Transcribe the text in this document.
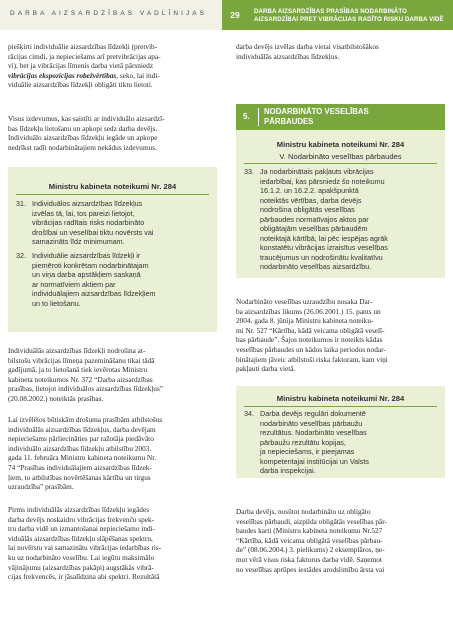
DARBA AIZSARDZĪBAS VADLĪNIJAS	29	DARBA AIZSARDZĪBAS PRASĪBAS NODARBINĀTO
AIZSARDZĪBAI PRET VIBRĀCIJAS RADĪTO RISKU DARBA VIDĒ
piešķirti individuālie aizsardzības līdzekļi (pretvib-
rācijas cimdi, ja nepieciešams arī pretvibrācijas apa-
vi), bet ja vibrācijas līmenis darba vietā pārsniedz
vibrācijas ekspozīcijas robežvērtības, seko, lai indi-
viduālie aizsardzības līdzekļi obligāti tiktu lietoti.
Visus izdevumus, kas saistīti ar individuālo aizsardzī-
bas līdzekļu lietošanu un apkopi sedz darba devējs.
Individuālo aizsardzības līdzekļu iegāde un apkope
nedrīkst radīt nodarbinātajiem nekādus izdevumus.
Ministru kabineta noteikumi Nr. 284
31. Individuālos aizsardzības līdzekļus
izvēlas tā, lai, tos pareizi lietojot,
vibrācijas radītais risks nodarbināto
drošībai un veselībai tiktu novērsts vai
samazināts līdz minimumam.
32. Individuālie aizsardzības līdzekļi ir
piemēroti konkrētam nodarbinātajam
un viņa darba apstākļiem saskaņā
ar normatīviem aktiem par
individuālajiem aizsardzības līdzekļiem
un to lietošanu.
Individuālās aizsardzības līdzekļi nodrošina at-
bilstošu vibrācijas līmeņa pazemināšanu tikai tādā
gadījumā, ja to lietošanā tiek ievērotas Ministru
kabineta noteikumos Nr. 372 “Darba aizsardzības
prasības, lietojot individuālos aizsardzības līdzekļus”
(20.08.2002.) noteiktās prasības.
Lai izvēlētos būtiskām drošuma prasībām atbilstošus
individuālās aizsardzības līdzekļus, darba devējam
nepieciešams pārliecināties par ražotāja piedāvāto
individuālo aizsardzības līdzekļu atbilstību 2003.
gada 11. februāra Ministru kabineta noteikumu Nr.
74 “Prasības individuālajiem aizsardzības līdzek-
ļiem, to atbilstības novērtēšanas kārtība un tirgus
uzraudzība” prasībām.
Pirms individuālās aizsardzības līdzekļu iegādes
darba devējs noskaidro vibrācijas frekvenču spek-
tru darba vidē un izmantošanai nepieciešamo indi-
viduālās aizsardzības līdzekļu slāpēšanas spektru,
lai novērstu vai samazinātu vibrācijas iedarbības ris-
ku uz nodarbināto veselību. Lai iegūtu maksimālo
vājinājumu (aizsardzības pakāpi) augstākās vibrā-
cijas frekvencēs, ir jāsalīdzina abi spektri. Rezultātā
darba devējs izvēlas darba vietai visatbilstošākos
individuālās aizsardzības līdzekļus.
5.
NODARBINĀTO VESELĪBAS
PĀRBAUDES
Ministru kabineta noteikumi Nr. 284
V. Nodarbināto veselības pārbaudes
33. Ja nodarbinātais pakļauts vibrācijas
iedarbībai, kas pārsniedz šo noteikumu
16.1.2. un 16.2.2. apakšpunktā
noteiktās vērtības, darba devējs
nodrošina obligātās veselības
pārbaudes normatīvajos aktos par
obligātajām veselības pārbaudēm
noteiktajā kārtībā, lai pēc iespējas agrāk
konstatētu vibrācijas izraisītus veselības
traucējumus un nodrošinātu kvalitatīvu
nodarbināto veselības aizsardzību.
Nodarbināto veselības uzraudzību nosaka Dar-
ba aizsardzības likums (26.06.2001.) 15. pants un
2004. gada 8. jūnija Ministru kabineta noteiku-
mi Nr. 527 “Kārtība, kādā veicama obligātā veselī-
bas pārbaude”. Šajos noteikumos ir noteikts kādas
veselības pārbaudes un kādos laika periodos nodar-
binātajiem jāveic atbilstoši riska faktoram, kam viņi
pakļauti darba vietā.
Ministru kabineta noteikumi Nr. 284
34. Darba devējs regulāri dokumentē
nodarbināto veselības pārbaužu
rezultātus. Nodarbināto veselības
pārbaužu rezultātu kopijas,
ja nepieciešams, ir pieejamas
kompetentajai institūcijai un Valsts
darba inspekcijai.
Darba devējs, nosūtot nodarbināto uz obligāto
veselības pārbaudi, aizpilda obligātās veselības pār-
baudes karti (Ministru kabineta noteikumu Nr.527
“Kārtība, kādā veicama obligātā veselības pārbau-
de” (08.06.2004.) 3. pielikums) 2 eksemplāros, ņe-
mot vērā visus riska faktorus darba vidē. Saņemot
no veselības aprūpes iestādes arodslimību ārsta vai
